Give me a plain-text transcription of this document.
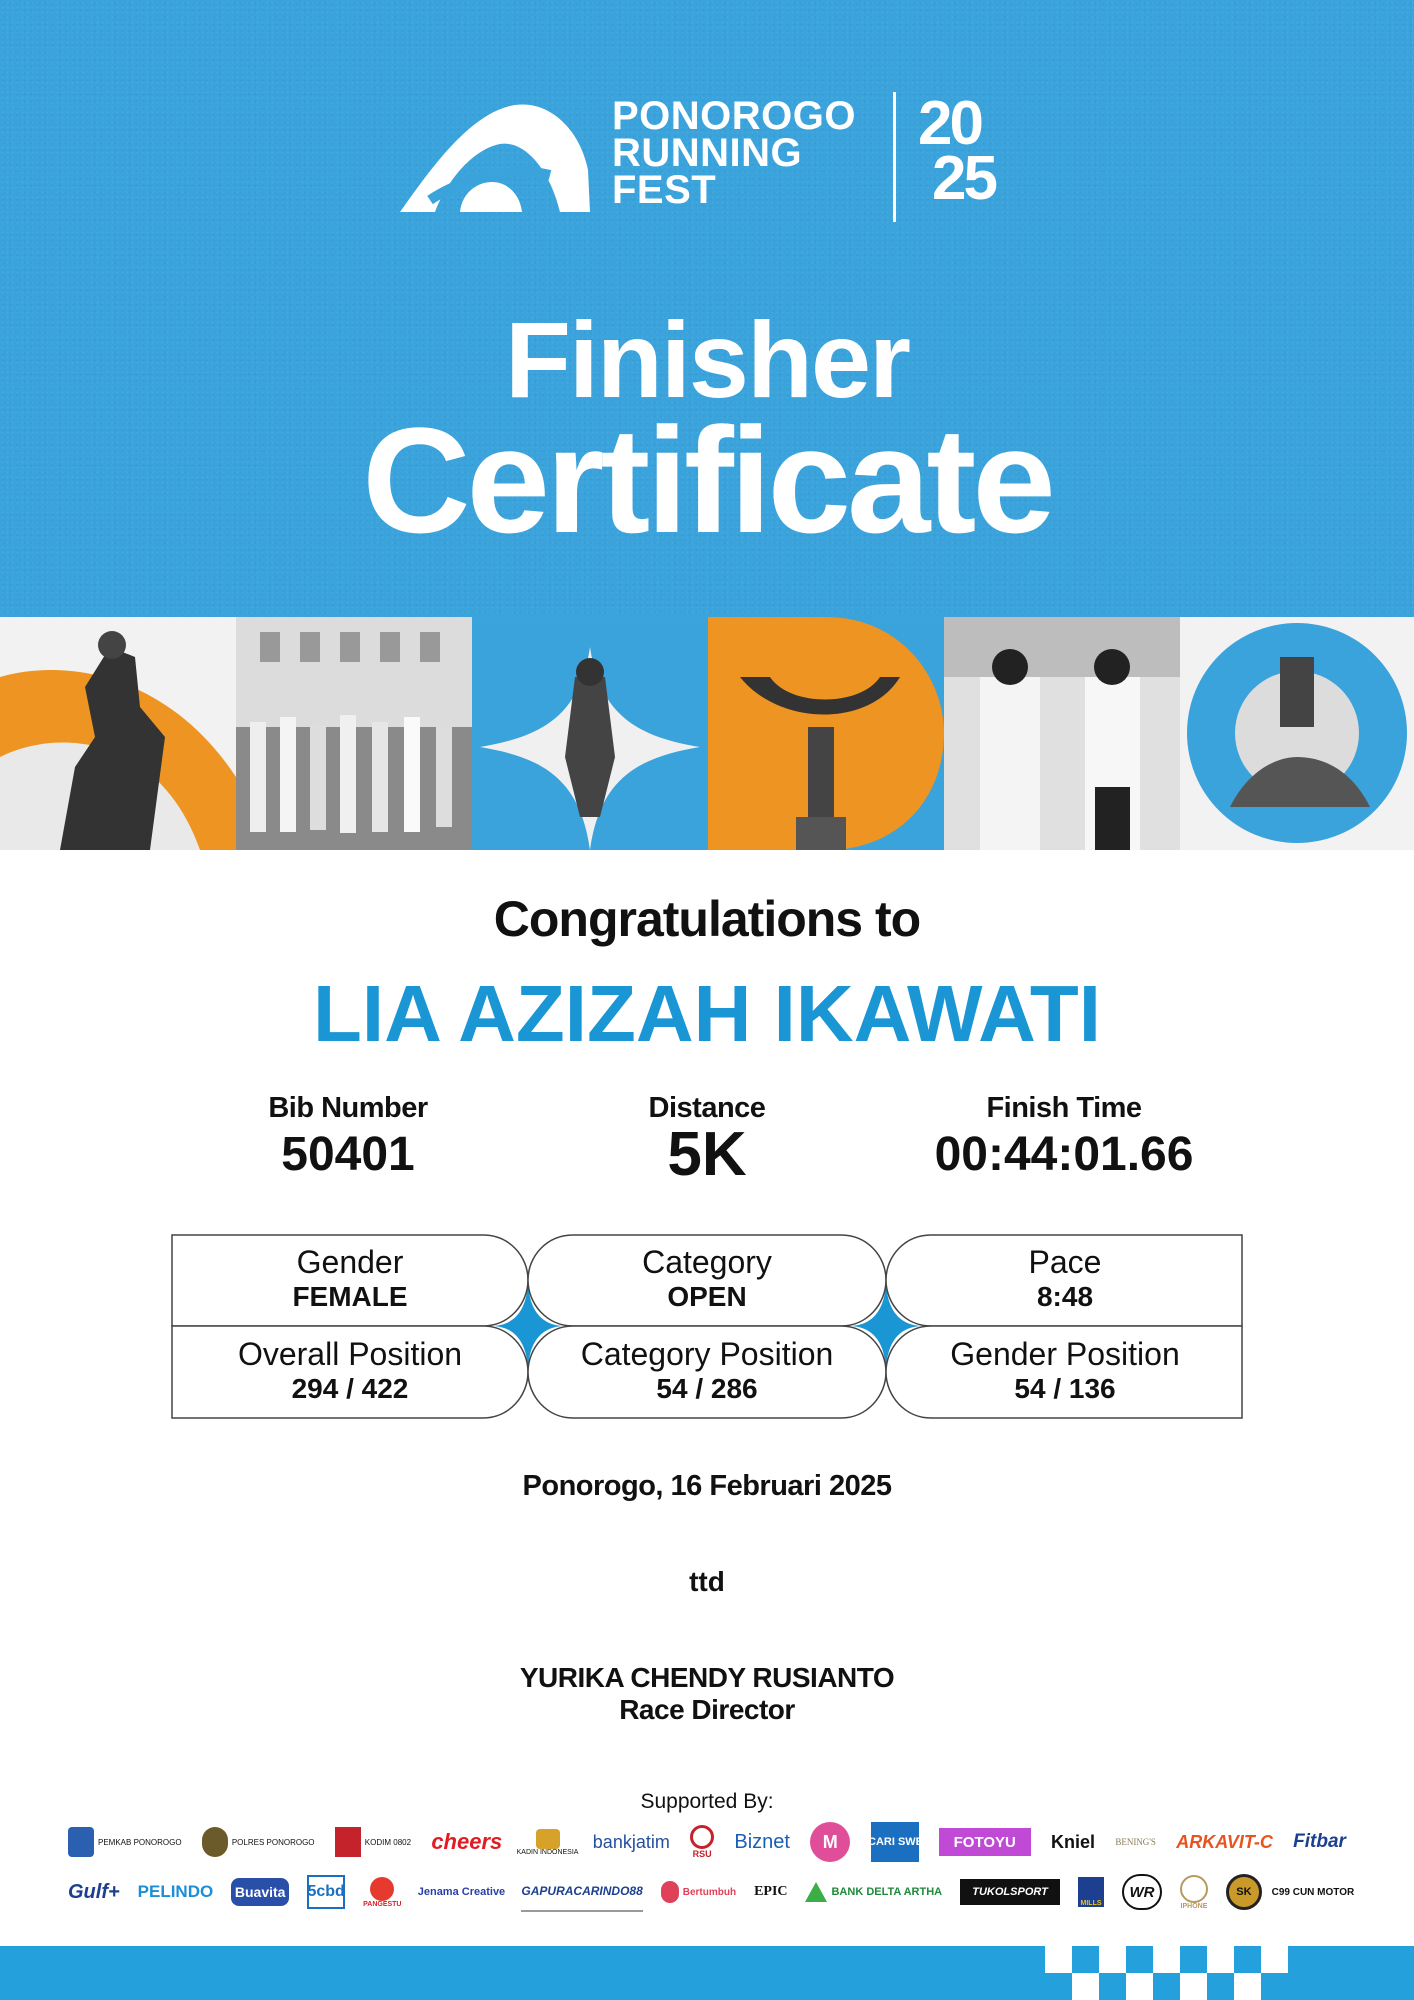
PONOROGO
RUNNING
FEST
20
25
Finisher
Certificate
Congratulations to
LIA AZIZAH IKAWATI
Bib Number
50401
Distance
5K
Finish Time
00:44:01.66
Gender
FEMALE
Category
OPEN
Pace
8:48
Overall Position
294 / 422
Category Position
54 / 286
Gender Position
54 / 136
Ponorogo, 16 Februari 2025
ttd
YURIKA CHENDY RUSIANTO
Race Director
Supported By:
PEMKAB PONOROGO	POLRES PONOROGO	KODIM 0802 cheers KADIN INDONESIA
bankjatim
RSU
Biznet	M	POCARI SWEAT	FOTOYU	Kniel BENING'S ARKAVIT-C Fitbar
Gulf+ PELINDO Buavita 5cbd
PANGESTU
Jenama Creative GAPURACARINDO88	Bertumbuh EPIC	BANK DELTA ARTHA	TUKOLSPORT
MILLS
WR
IPHONE
SK	C99 CUN MOTOR
